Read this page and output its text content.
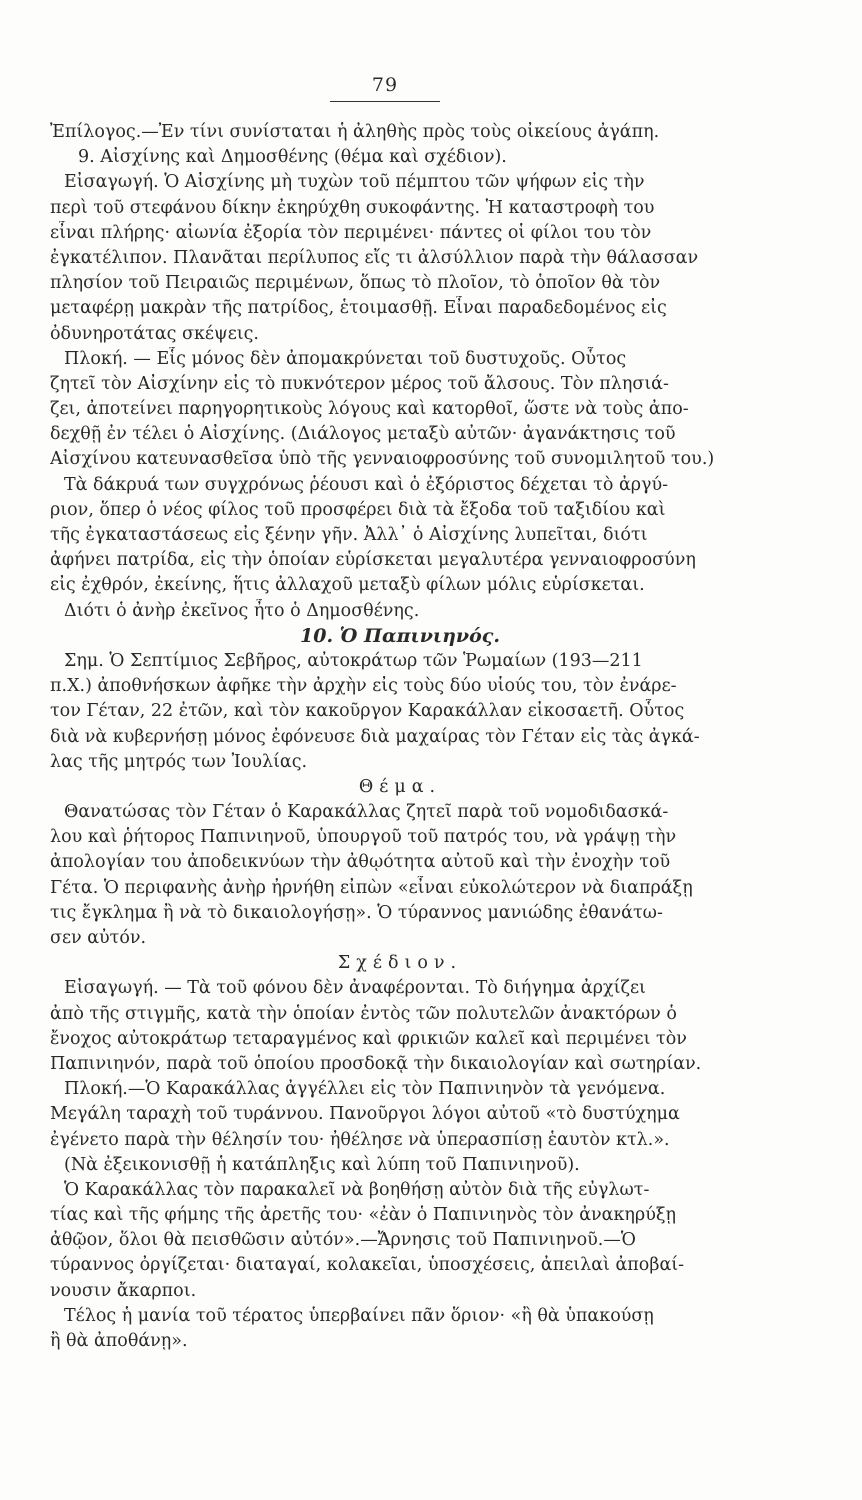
79
Ἐπίλογος.—Ἐν τίνι συνίσταται ἡ ἀληθὴς πρὸς τοὺς οἰκείους ἀγάπη.
9. Αἰσχίνης καὶ Δημοσθένης (θέμα καὶ σχέδιον).
Εἰσαγωγή. Ὁ Αἰσχίνης μὴ τυχὼν τοῦ πέμπτου τῶν ψήφων εἰς τὴν
περὶ τοῦ στεφάνου δίκην ἐκηρύχθη συκοφάντης. Ἡ καταστροφὴ του
εἶναι πλήρης· αἰωνία ἐξορία τὸν περιμένει· πάντες οἱ φίλοι του τὸν
ἐγκατέλιπον. Πλανᾶται περίλυπος εἴς τι ἀλσύλλιον παρὰ τὴν θάλασσαν
πλησίον τοῦ Πειραιῶς περιμένων, ὅπως τὸ πλοῖον, τὸ ὁποῖον θὰ τὸν
μεταφέρῃ μακρὰν τῆς πατρίδος, ἑτοιμασθῇ. Εἶναι παραδεδομένος εἰς
ὀδυνηροτάτας σκέψεις.
Πλοκή. — Εἷς μόνος δὲν ἀπομακρύνεται τοῦ δυστυχοῦς. Οὗτος
ζητεῖ τὸν Αἰσχίνην εἰς τὸ πυκνότερον μέρος τοῦ ἄλσους. Τὸν πλησιά-
ζει, ἀποτείνει παρηγορητικοὺς λόγους καὶ κατορθοῖ, ὥστε νὰ τοὺς ἀπο-
δεχθῇ ἐν τέλει ὁ Αἰσχίνης. (Διάλογος μεταξὺ αὐτῶν· ἀγανάκτησις τοῦ
Αἰσχίνου κατευνασθεῖσα ὑπὸ τῆς γενναιοφροσύνης τοῦ συνομιλητοῦ του.)
Τὰ δάκρυά των συγχρόνως ῥέουσι καὶ ὁ ἐξόριστος δέχεται τὸ ἀργύ-
ριον, ὅπερ ὁ νέος φίλος τοῦ προσφέρει διὰ τὰ ἔξοδα τοῦ ταξιδίου καὶ
τῆς ἐγκαταστάσεως εἰς ξένην γῆν. Ἀλλ᾽ ὁ Αἰσχίνης λυπεῖται, διότι
ἀφήνει πατρίδα, εἰς τὴν ὁποίαν εὑρίσκεται μεγαλυτέρα γενναιοφροσύνη
εἰς ἐχθρόν, ἐκείνης, ἥτις ἀλλαχοῦ μεταξὺ φίλων μόλις εὑρίσκεται.
Διότι ὁ ἀνὴρ ἐκεῖνος ἦτο ὁ Δημοσθένης.
10. Ὁ Παπινιηνός.
Σημ. Ὁ Σεπτίμιος Σεβῆρος, αὐτοκράτωρ τῶν Ῥωμαίων (193—211
π.Χ.) ἀποθνήσκων ἀφῆκε τὴν ἀρχὴν εἰς τοὺς δύο υἱούς του, τὸν ἐνάρε-
τον Γέταν, 22 ἐτῶν, καὶ τὸν κακοῦργον Καρακάλλαν εἰκοσαετῆ. Οὗτος
διὰ νὰ κυβερνήσῃ μόνος ἐφόνευσε διὰ μαχαίρας τὸν Γέταν εἰς τὰς ἀγκά-
λας τῆς μητρός των Ἰουλίας.
Θέμα.
Θανατώσας τὸν Γέταν ὁ Καρακάλλας ζητεῖ παρὰ τοῦ νομοδιδασκά-
λου καὶ ῥήτορος Παπινιηνοῦ, ὑπουργοῦ τοῦ πατρός του, νὰ γράψῃ τὴν
ἀπολογίαν του ἀποδεικνύων τὴν ἀθῳότητα αὐτοῦ καὶ τὴν ἐνοχὴν τοῦ
Γέτα. Ὁ περιφανὴς ἀνὴρ ἠρνήθη εἰπὼν «εἶναι εὐκολώτερον νὰ διαπράξῃ
τις ἔγκλημα ἢ νὰ τὸ δικαιολογήσῃ». Ὁ τύραννος μανιώδης ἐθανάτω-
σεν αὐτόν.
Σχέδιον.
Εἰσαγωγή. — Τὰ τοῦ φόνου δὲν ἀναφέρονται. Τὸ διήγημα ἀρχίζει
ἀπὸ τῆς στιγμῆς, κατὰ τὴν ὁποίαν ἐντὸς τῶν πολυτελῶν ἀνακτόρων ὁ
ἔνοχος αὐτοκράτωρ τεταραγμένος καὶ φρικιῶν καλεῖ καὶ περιμένει τὸν
Παπινιηνόν, παρὰ τοῦ ὁποίου προσδοκᾷ τὴν δικαιολογίαν καὶ σωτηρίαν.
Πλοκή.—Ὁ Καρακάλλας ἀγγέλλει εἰς τὸν Παπινιηνὸν τὰ γενόμενα.
Μεγάλη ταραχὴ τοῦ τυράννου. Πανοῦργοι λόγοι αὐτοῦ «τὸ δυστύχημα
ἐγένετο παρὰ τὴν θέλησίν του· ἠθέλησε νὰ ὑπερασπίσῃ ἑαυτὸν κτλ.».
(Νὰ ἐξεικονισθῇ ἡ κατάπληξις καὶ λύπη τοῦ Παπινιηνοῦ).
Ὁ Καρακάλλας τὸν παρακαλεῖ νὰ βοηθήσῃ αὐτὸν διὰ τῆς εὐγλωτ-
τίας καὶ τῆς φήμης τῆς ἀρετῆς του· «ἐὰν ὁ Παπινιηνὸς τὸν ἀνακηρύξῃ
ἀθῷον, ὅλοι θὰ πεισθῶσιν αὐτόν».—Ἄρνησις τοῦ Παπινιηνοῦ.—Ὁ
τύραννος ὀργίζεται· διαταγαί, κολακεῖαι, ὑποσχέσεις, ἀπειλαὶ ἀποβαί-
νουσιν ἄκαρποι.
Τέλος ἡ μανία τοῦ τέρατος ὑπερβαίνει πᾶν ὅριον· «ἢ θὰ ὑπακούσῃ
ἢ θὰ ἀποθάνῃ».
